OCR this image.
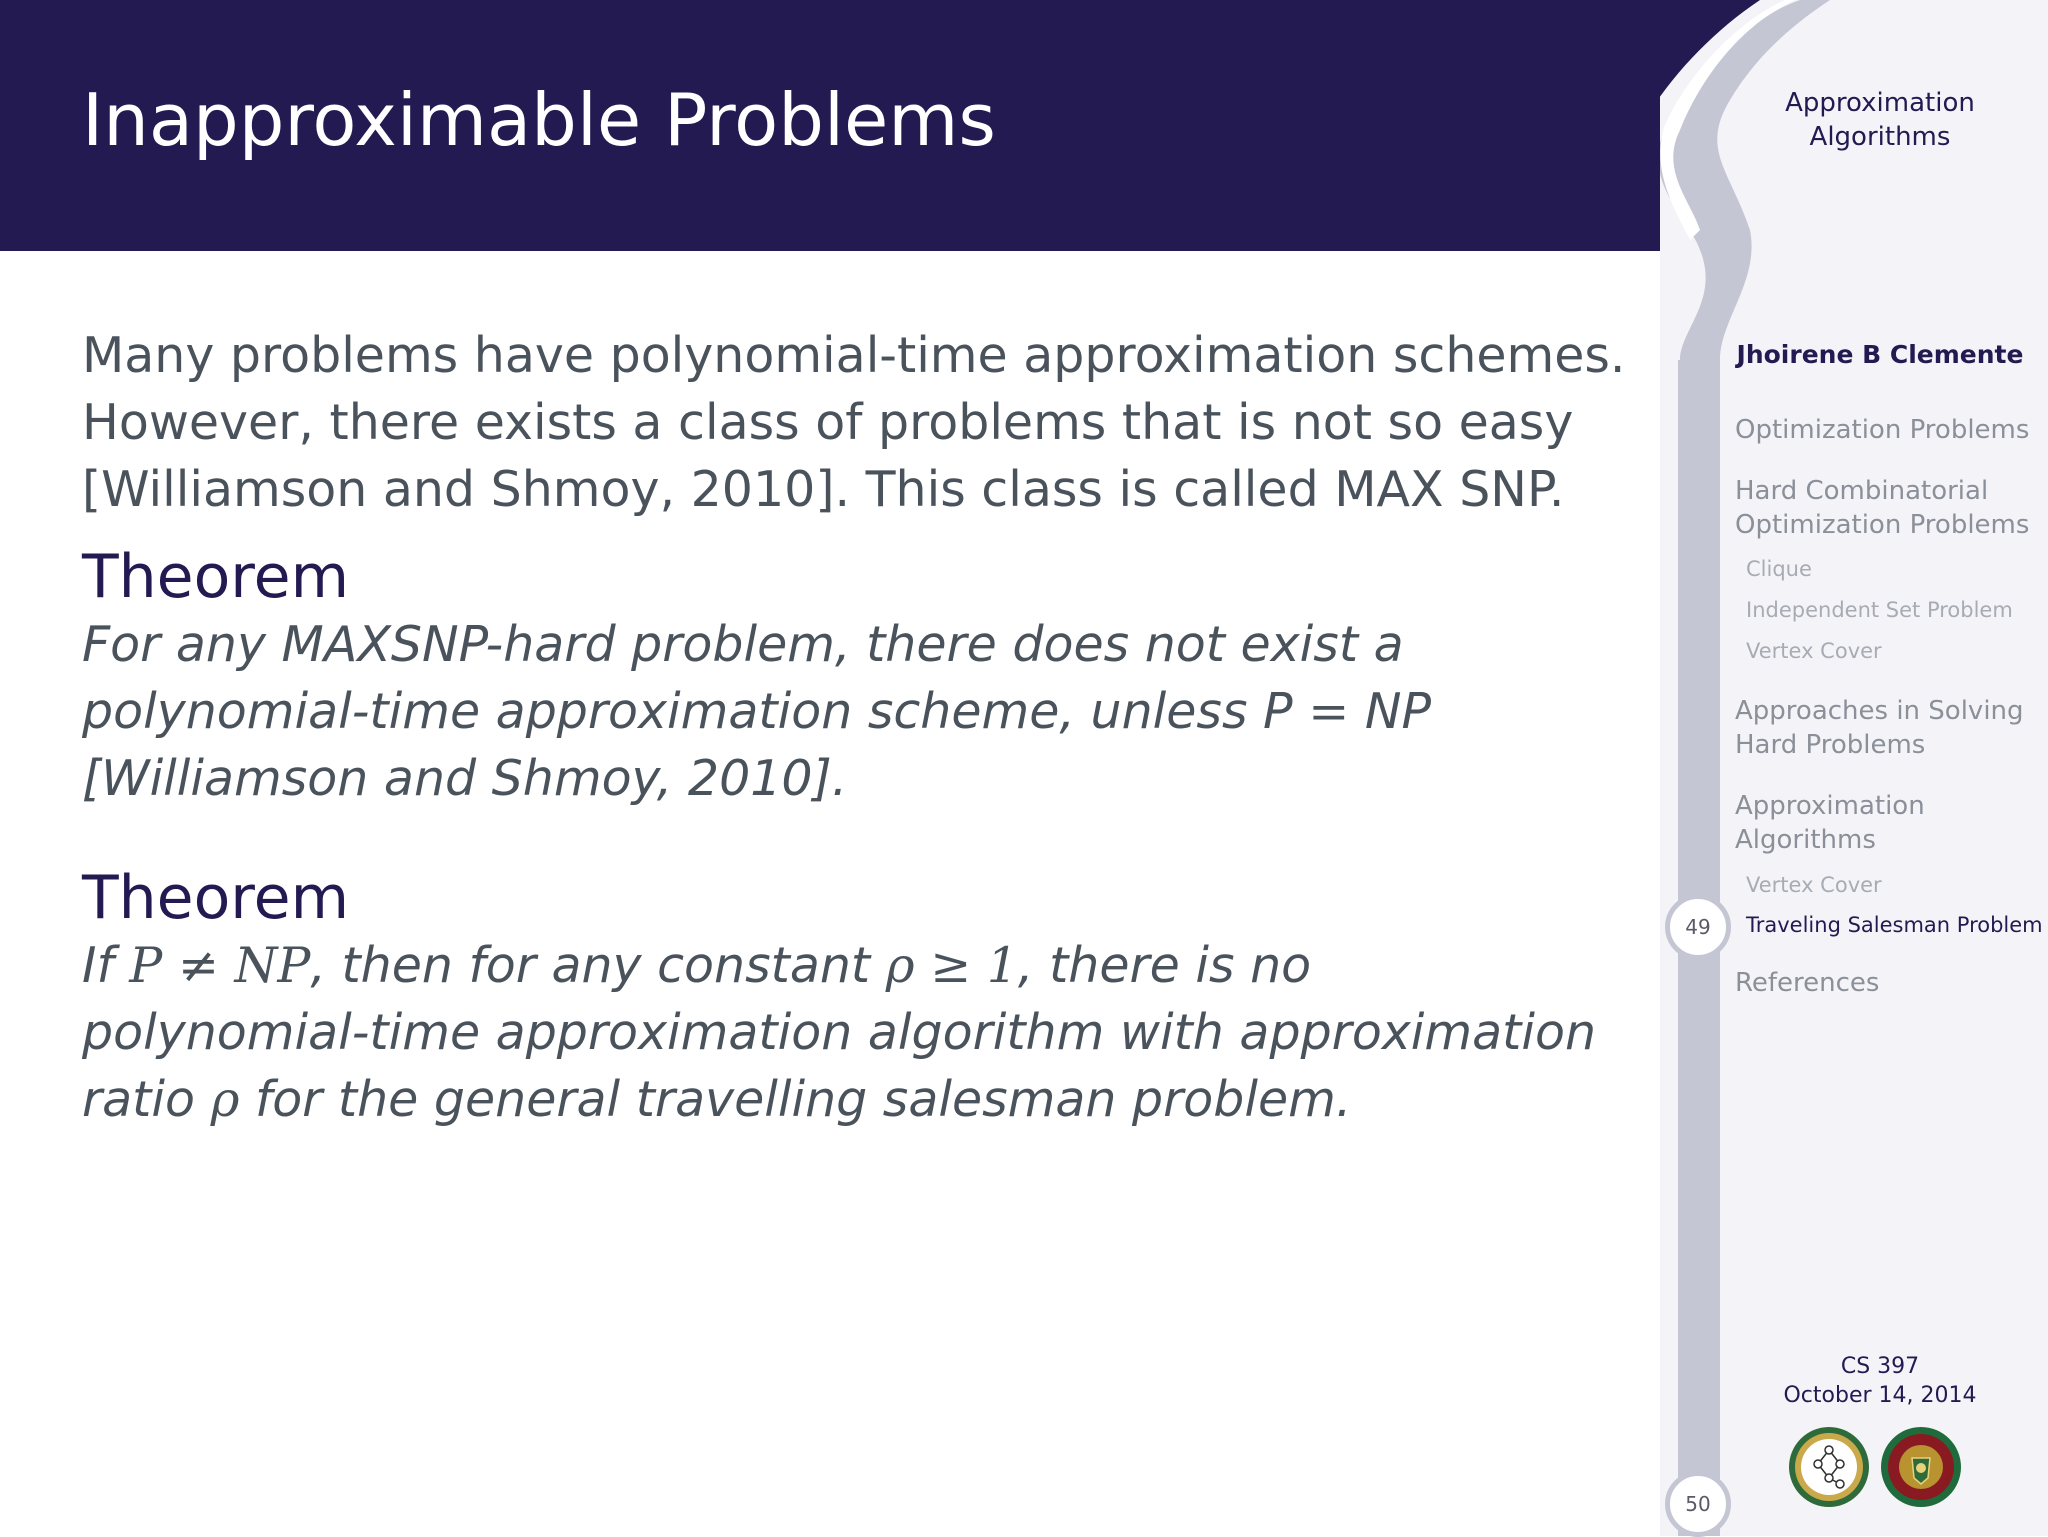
Inapproximable Problems

Many problems have polynomial-time approximation schemes.

However, there exists a class of problems that is not so easy

[Williamson and Shmoy, 2010]. This class is called MAX SNP.

Theorem

For any MAXSNP-hard problem, there does not exist a

polynomial-time approximation scheme, unless P = NP

[Williamson and Shmoy, 2010].

Theorem

If P ≠ NP, then for any constant ρ ≥ 1, there is no

polynomial-time approximation algorithm with approximation

ratio ρ for the general travelling salesman problem.

Approximation
Algorithms
Jhoirene B Clemente
Optimization Problems
Hard Combinatorial
Optimization Problems
Clique
Independent Set Problem
Vertex Cover
Approaches in Solving
Hard Problems
Approximation
Algorithms
Vertex Cover
Traveling Salesman Problem
References
49
50
CS 397
October 14, 2014
